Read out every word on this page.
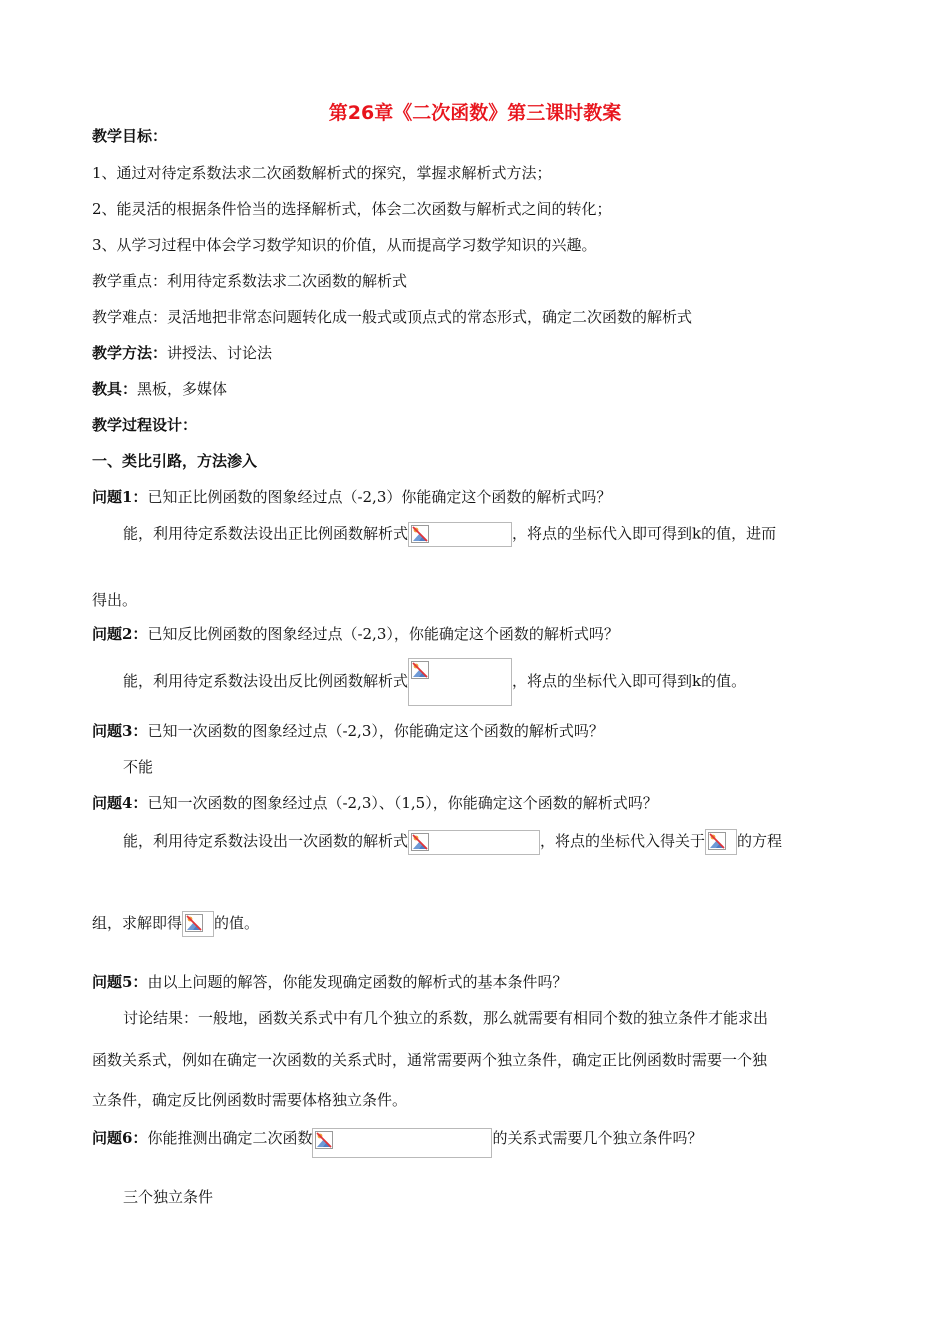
第26章《二次函数》第三课时教案
教学目标：
1、通过对待定系数法求二次函数解析式的探究，掌握求解析式方法；
2、能灵活的根据条件恰当的选择解析式，体会二次函数与解析式之间的转化；
3、从学习过程中体会学习数学知识的价值，从而提高学习数学知识的兴趣。
教学重点：利用待定系数法求二次函数的解析式
教学难点：灵活地把非常态问题转化成一般式或顶点式的常态形式，确定二次函数的解析式
教学方法：讲授法、讨论法
教具：黑板，多媒体
教学过程设计：
一、类比引路，方法渗入
问题1：已知正比例函数的图象经过点（-2,3）你能确定这个函数的解析式吗？
能，利用待定系数法设出正比例函数解析式	，将点的坐标代入即可得到k的值，进而
得出。
问题2：已知反比例函数的图象经过点（-2,3），你能确定这个函数的解析式吗？
能，利用待定系数法设出反比例函数解析式	，将点的坐标代入即可得到k的值。
问题3：已知一次函数的图象经过点（-2,3），你能确定这个函数的解析式吗？
不能
问题4：已知一次函数的图象经过点（-2,3）、（1,5），你能确定这个函数的解析式吗？
能，利用待定系数法设出一次函数的解析式	，将点的坐标代入得关于 的方程
组，求解即得 的值。
问题5：由以上问题的解答，你能发现确定函数的解析式的基本条件吗？
讨论结果：一般地，函数关系式中有几个独立的系数，那么就需要有相同个数的独立条件才能求出
函数关系式，例如在确定一次函数的关系式时，通常需要两个独立条件，确定正比例函数时需要一个独
立条件，确定反比例函数时需要体格独立条件。
问题6：你能推测出确定二次函数	的关系式需要几个独立条件吗？
三个独立条件
